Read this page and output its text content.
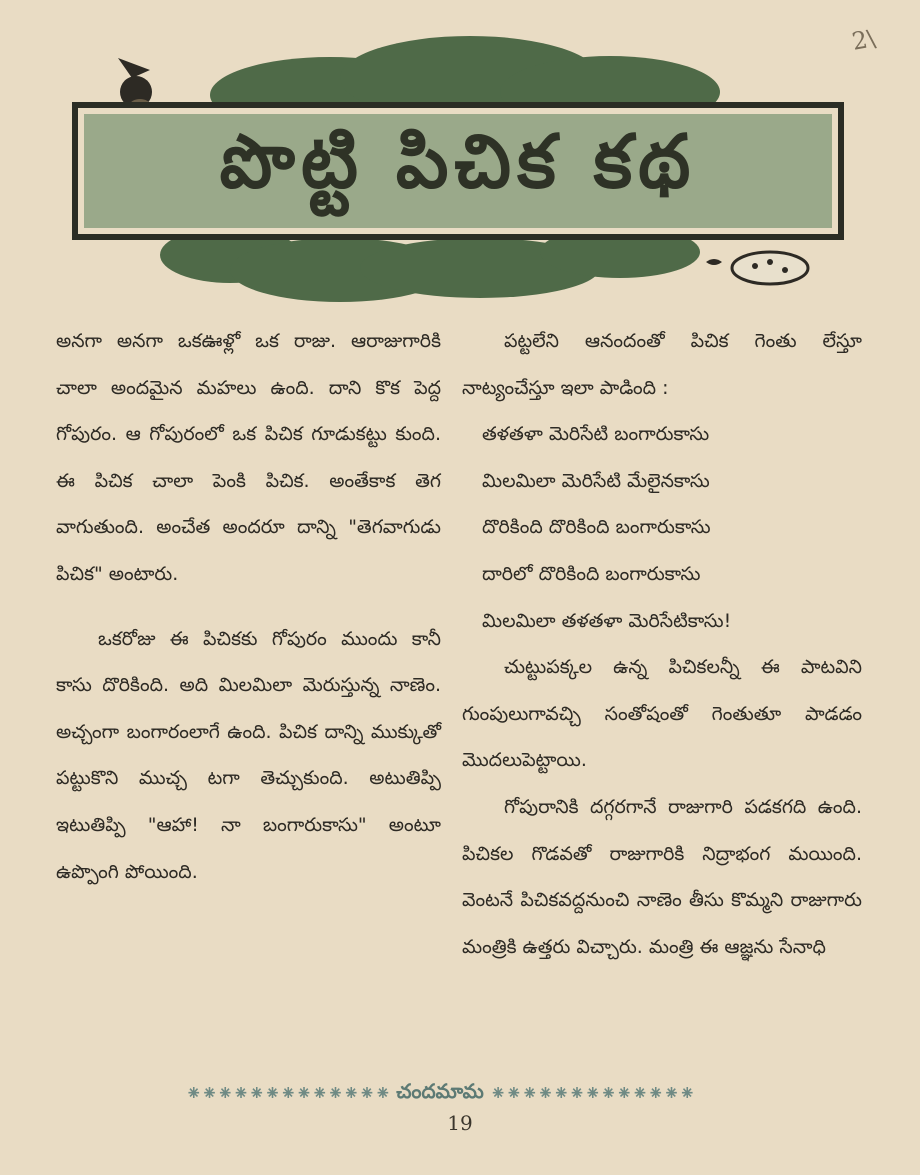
2\
పొట్టి పిచిక కథ

అనగా అనగా ఒకఊళ్లో ఒక రాజు. ఆరాజుగారికి చాలా అందమైన మహలు ఉంది. దాని కొక పెద్ద గోపురం. ఆ గోపురంలో ఒక పిచిక గూడుకట్టు కుంది. ఈ పిచిక చాలా పెంకి పిచిక. అంతేకాక తెగ వాగుతుంది. అంచేత అందరూ దాన్ని "తెగవాగుడు పిచిక" అంటారు.

ఒకరోజు ఈ పిచికకు గోపురం ముందు కానీ కాసు దొరికింది. అది మిలమిలా మెరుస్తున్న నాణెం. అచ్చంగా బంగారంలాగే ఉంది. పిచిక దాన్ని ముక్కుతో పట్టుకొని ముచ్చ టగా తెచ్చుకుంది. అటుతిప్పి ఇటుతిప్పి "ఆహా! నా బంగారుకాసు" అంటూ ఉప్పొంగి పోయింది.

పట్టలేని ఆనందంతో పిచిక గెంతు లేస్తూ నాట్యంచేస్తూ ఇలా పాడింది :

తళతళా మెరిసేటి బంగారుకాసు

మిలమిలా మెరిసేటి మేలైనకాసు

దొరికింది దొరికింది బంగారుకాసు

దారిలో దొరికింది బంగారుకాసు

మిలమిలా తళతళా మెరిసేటికాసు!

చుట్టుపక్కల ఉన్న పిచికలన్నీ ఈ పాటవిని గుంపులుగావచ్చి సంతోషంతో గెంతుతూ పాడడం మొదలుపెట్టాయి.

గోపురానికి దగ్గరగానే రాజుగారి పడకగది ఉంది. పిచికల గొడవతో రాజుగారికి నిద్రాభంగ మయింది. వెంటనే పిచికవద్దనుంచి నాణెం తీసు కొమ్మని రాజుగారు మంత్రికి ఉత్తరు విచ్చారు. మంత్రి ఈ ఆజ్ఞను సేనాధి

⁕⁕⁕⁕⁕⁕⁕⁕⁕⁕⁕⁕⁕ చందమామ ⁕⁕⁕⁕⁕⁕⁕⁕⁕⁕⁕⁕⁕
19
